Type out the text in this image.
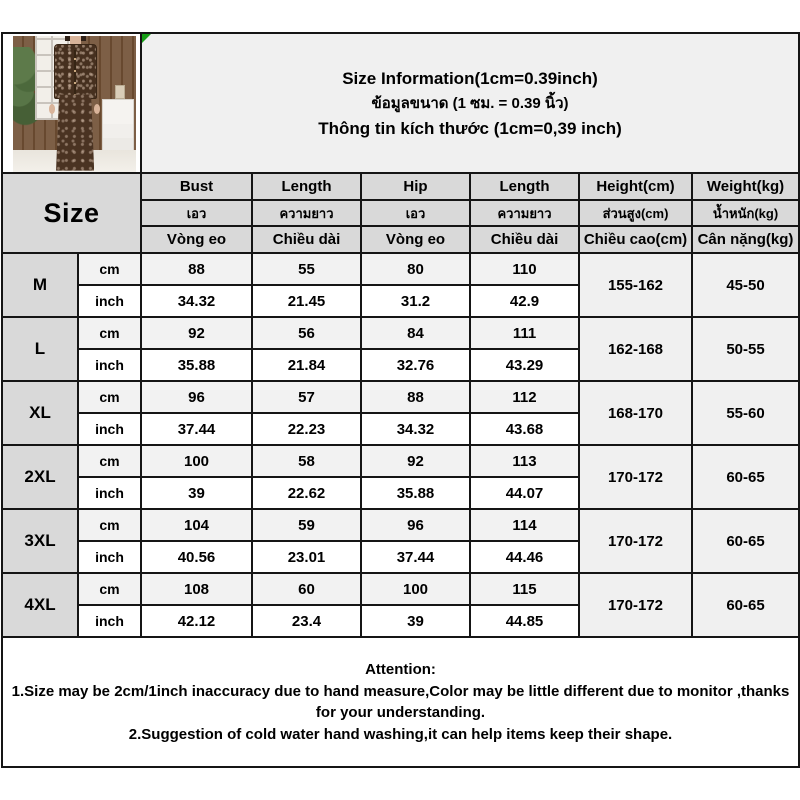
		Size Information(1cm=0.39inch)
ข้อมูลขนาด (1 ซม. = 0.39 นิ้ว)
Thông tin kích thước (1cm=0,39 inch)					

Size		Bust	Length	Hip	Length	Height(cm)	Weight(kg)
		เอว	ความยาว	เอว	ความยาว	ส่วนสูง(cm)	น้ำหนัก(kg)
		Vòng eo	Chiều dài	Vòng eo	Chiều dài	Chiều cao(cm)	Cân nặng(kg)
M	cm	88	55	80	110	155-162	45-50
	inch	34.32	21.45	31.2	42.9		
L	cm	92	56	84	111	162-168	50-55
	inch	35.88	21.84	32.76	43.29		
XL	cm	96	57	88	112	168-170	55-60
	inch	37.44	22.23	34.32	43.68		
2XL	cm	100	58	92	113	170-172	60-65
	inch	39	22.62	35.88	44.07		
3XL	cm	104	59	96	114	170-172	60-65
	inch	40.56	23.01	37.44	44.46		
4XL	cm	108	60	100	115	170-172	60-65
	inch	42.12	23.4	39	44.85		

Attention:
1.Size may be 2cm/1inch inaccuracy due to hand measure,Color may be little different due to monitor ,thanks for your understanding.
2.Suggestion of cold water hand washing,it can help items keep their shape.							
